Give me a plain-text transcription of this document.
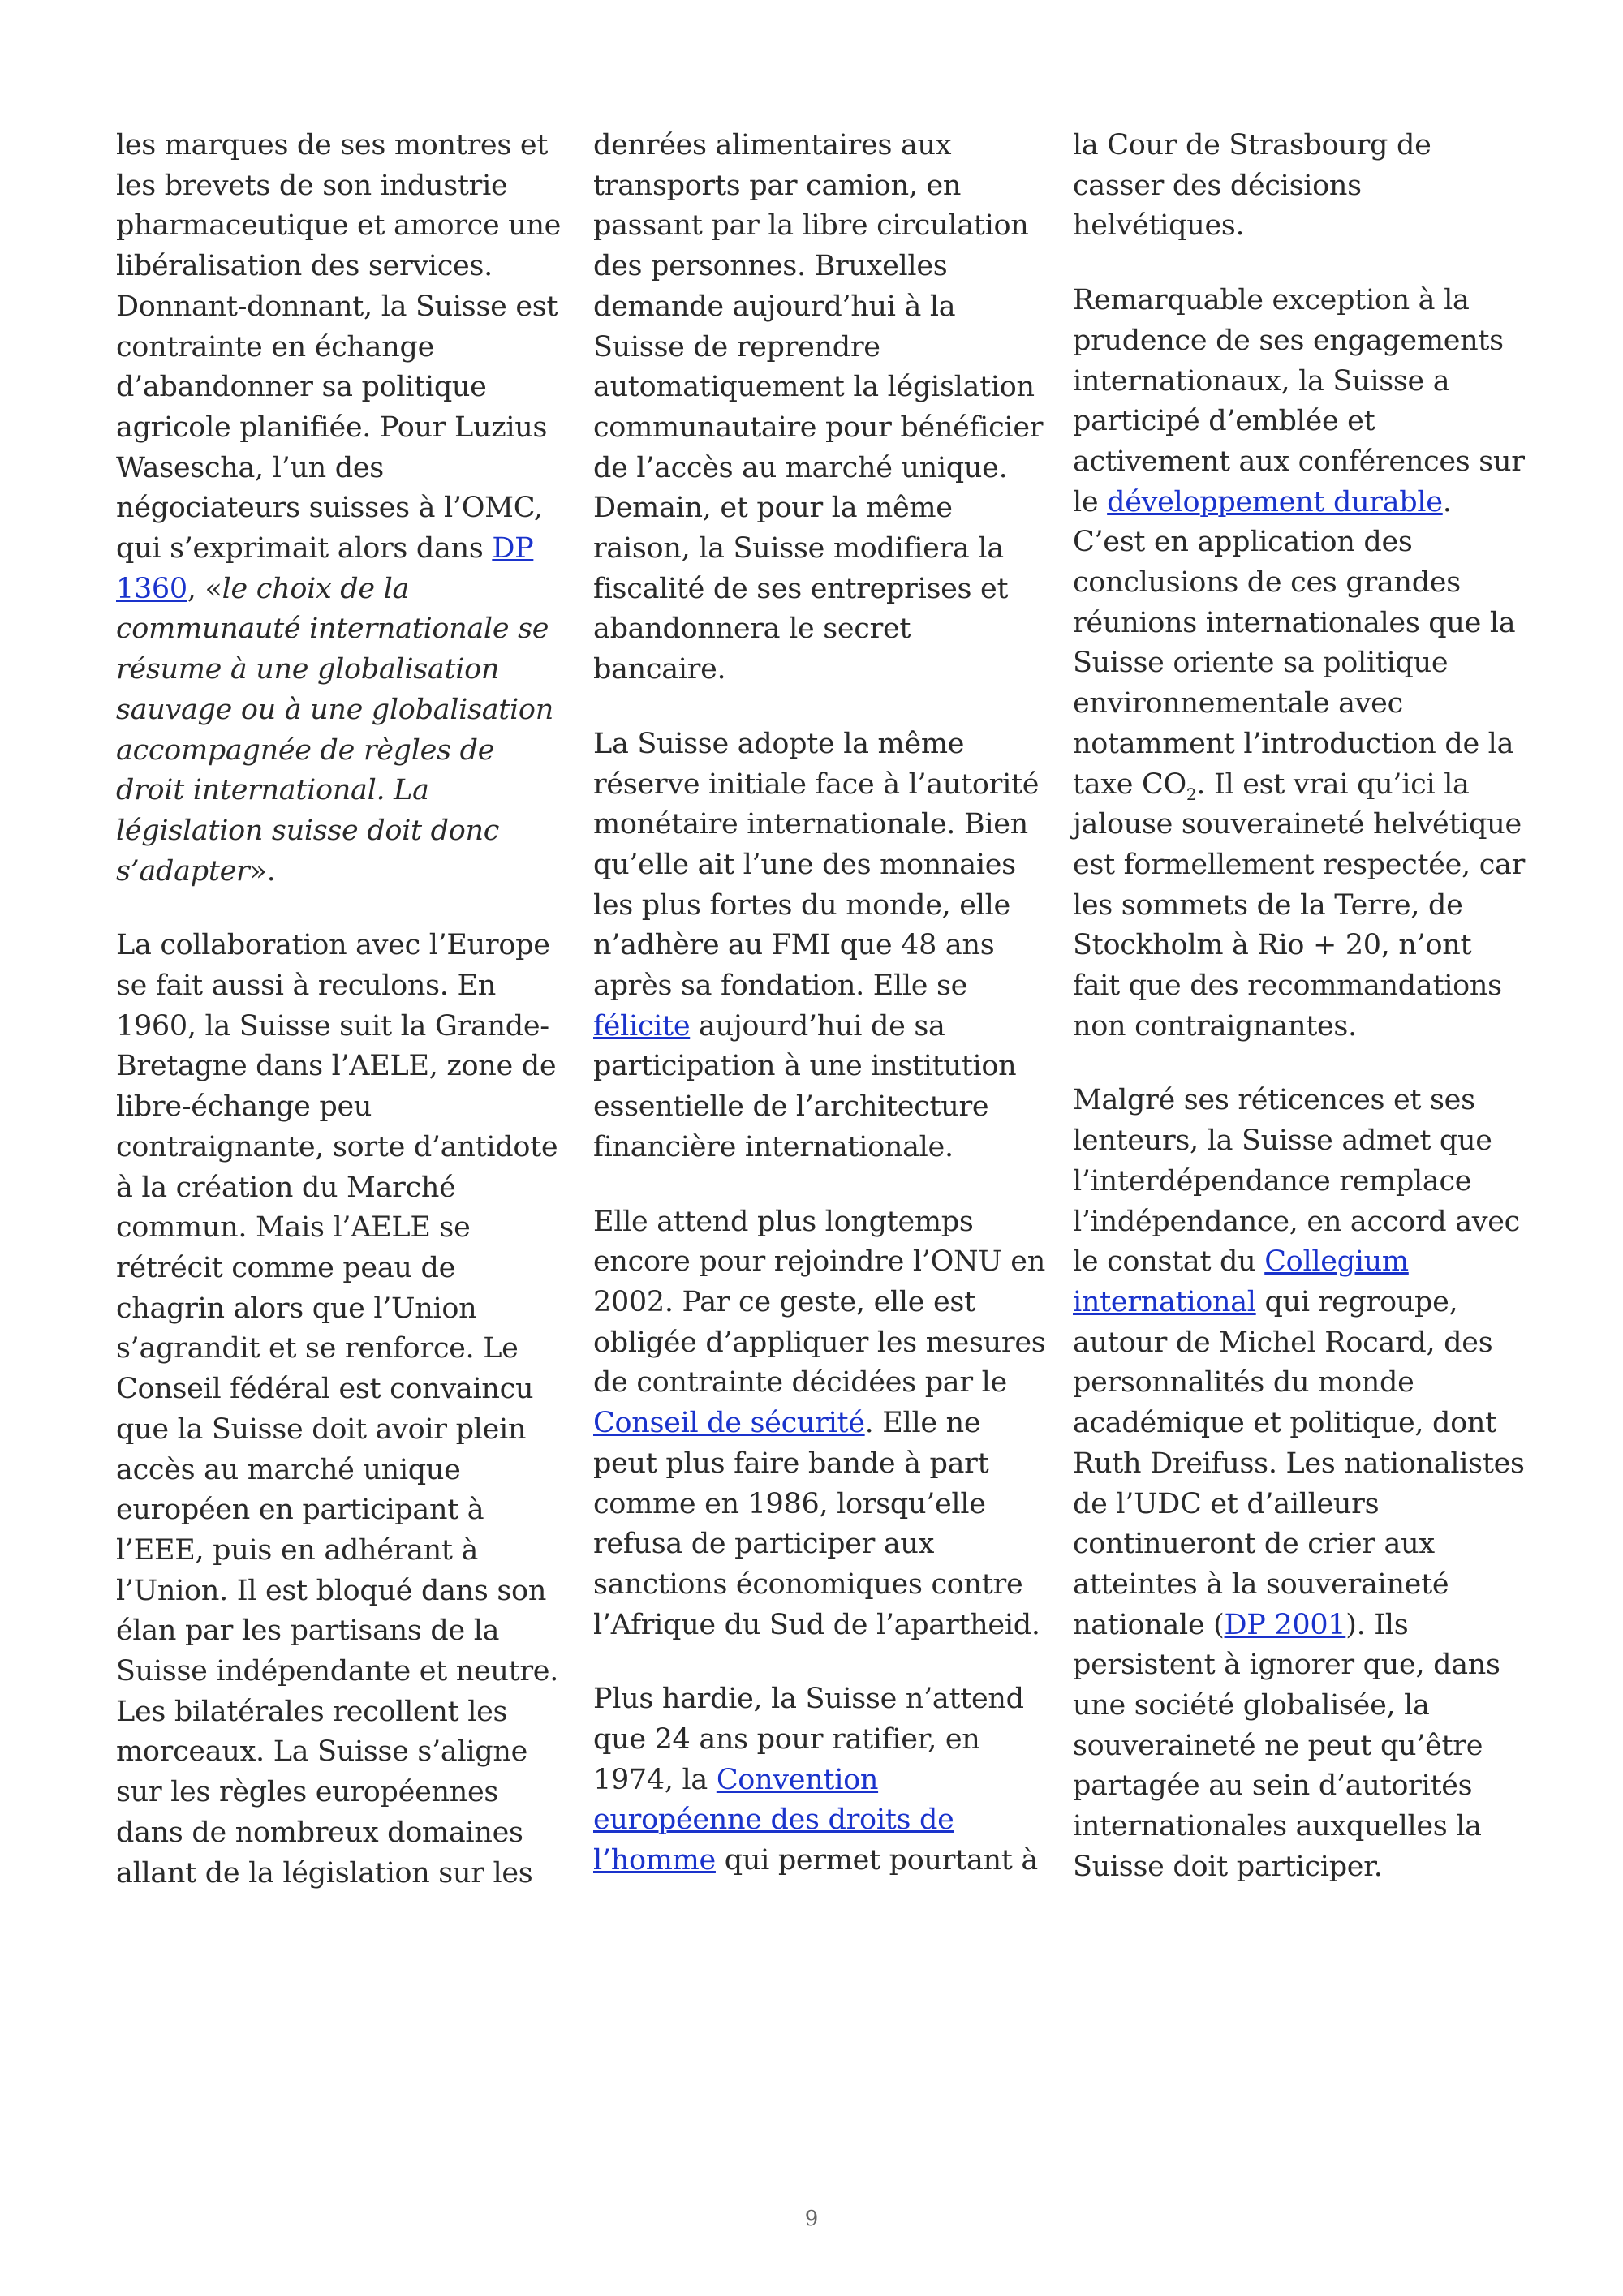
les marques de ses montres et
les brevets de son industrie
pharmaceutique et amorce une
libéralisation des services.
Donnant-donnant, la Suisse est
contrainte en échange
d’abandonner sa politique
agricole planifiée. Pour Luzius
Wasescha, l’un des
négociateurs suisses à l’OMC,
qui s’exprimait alors dans DP
1360, «le choix de la
communauté internationale se
résume à une globalisation
sauvage ou à une globalisation
accompagnée de règles de
droit international. La
législation suisse doit donc
s’adapter».
La collaboration avec l’Europe
se fait aussi à reculons. En
1960, la Suisse suit la Grande-
Bretagne dans l’AELE, zone de
libre-échange peu
contraignante, sorte d’antidote
à la création du Marché
commun. Mais l’AELE se
rétrécit comme peau de
chagrin alors que l’Union
s’agrandit et se renforce. Le
Conseil fédéral est convaincu
que la Suisse doit avoir plein
accès au marché unique
européen en participant à
l’EEE, puis en adhérant à
l’Union. Il est bloqué dans son
élan par les partisans de la
Suisse indépendante et neutre.
Les bilatérales recollent les
morceaux. La Suisse s’aligne
sur les règles européennes
dans de nombreux domaines
allant de la législation sur les
denrées alimentaires aux
transports par camion, en
passant par la libre circulation
des personnes. Bruxelles
demande aujourd’hui à la
Suisse de reprendre
automatiquement la législation
communautaire pour bénéficier
de l’accès au marché unique.
Demain, et pour la même
raison, la Suisse modifiera la
fiscalité de ses entreprises et
abandonnera le secret
bancaire.
La Suisse adopte la même
réserve initiale face à l’autorité
monétaire internationale. Bien
qu’elle ait l’une des monnaies
les plus fortes du monde, elle
n’adhère au FMI que 48 ans
après sa fondation. Elle se
félicite aujourd’hui de sa
participation à une institution
essentielle de l’architecture
financière internationale.
Elle attend plus longtemps
encore pour rejoindre l’ONU en
2002. Par ce geste, elle est
obligée d’appliquer les mesures
de contrainte décidées par le
Conseil de sécurité. Elle ne
peut plus faire bande à part
comme en 1986, lorsqu’elle
refusa de participer aux
sanctions économiques contre
l’Afrique du Sud de l’apartheid.
Plus hardie, la Suisse n’attend
que 24 ans pour ratifier, en
1974, la Convention
européenne des droits de
l’homme qui permet pourtant à
la Cour de Strasbourg de
casser des décisions
helvétiques.
Remarquable exception à la
prudence de ses engagements
internationaux, la Suisse a
participé d’emblée et
activement aux conférences sur
le développement durable.
C’est en application des
conclusions de ces grandes
réunions internationales que la
Suisse oriente sa politique
environnementale avec
notamment l’introduction de la
taxe $CO_2$. Il est vrai qu’ici la
jalouse souveraineté helvétique
est formellement respectée, car
les sommets de la Terre, de
Stockholm à Rio + 20, n’ont
fait que des recommandations
non contraignantes.
Malgré ses réticences et ses
lenteurs, la Suisse admet que
l’interdépendance remplace
l’indépendance, en accord avec
le constat du Collegium
international qui regroupe,
autour de Michel Rocard, des
personnalités du monde
académique et politique, dont
Ruth Dreifuss. Les nationalistes
de l’UDC et d’ailleurs
continueront de crier aux
atteintes à la souveraineté
nationale (DP 2001). Ils
persistent à ignorer que, dans
une société globalisée, la
souveraineté ne peut qu’être
partagée au sein d’autorités
internationales auxquelles la
Suisse doit participer.
9
